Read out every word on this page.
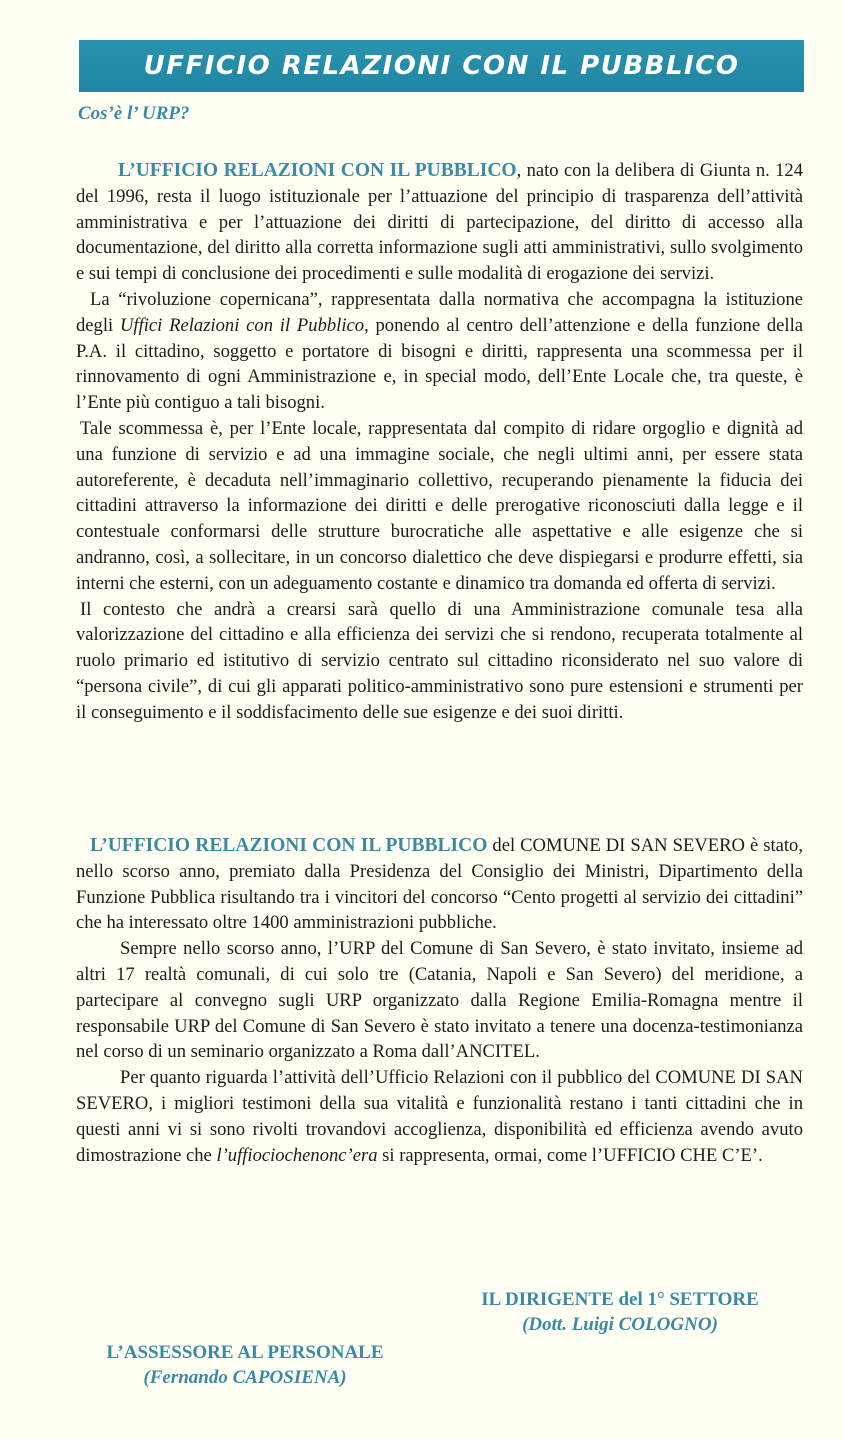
UFFICIO RELAZIONI CON IL PUBBLICO
Cos’è l’ URP?

L’UFFICIO RELAZIONI CON IL PUBBLICO, nato con la delibera di Giunta n. 124 del 1996, resta il luogo istituzionale per l’attuazione del principio di trasparenza dell’attività amministrativa e per l’attuazione dei diritti di partecipazione, del diritto di accesso alla documentazione, del diritto alla corretta informazione sugli atti amministrativi, sullo svolgimento e sui tempi di conclusione dei procedimenti e sulle modalità di erogazione dei servizi.

La “rivoluzione copernicana”, rappresentata dalla normativa che accompagna la istituzione degli Uffici Relazioni con il Pubblico, ponendo al centro dell’attenzione e della funzione della P.A. il cittadino, soggetto e portatore di bisogni e diritti, rappresenta una scommessa per il rinnovamento di ogni Amministrazione e, in special modo, dell’Ente Locale che, tra queste, è l’Ente più contiguo a tali bisogni.

Tale scommessa è, per l’Ente locale, rappresentata dal compito di ridare orgoglio e dignità ad una funzione di servizio e ad una immagine sociale, che negli ultimi anni, per essere stata autoreferente, è decaduta nell’immaginario collettivo, recuperando pienamente la fiducia dei cittadini attraverso la informazione dei diritti e delle prerogative riconosciuti dalla legge e il contestuale conformarsi delle strutture burocratiche alle aspettative e alle esigenze che si andranno, così, a sollecitare, in un concorso dialettico che deve dispiegarsi e produrre effetti, sia interni che esterni, con un adeguamento costante e dinamico tra domanda ed offerta di servizi.

Il contesto che andrà a crearsi sarà quello di una Amministrazione comunale tesa alla valorizzazione del cittadino e alla efficienza dei servizi che si rendono, recuperata totalmente al ruolo primario ed istitutivo di servizio centrato sul cittadino riconsiderato nel suo valore di “persona civile”, di cui gli apparati politico-amministrativo sono pure estensioni e strumenti per il conseguimento e il soddisfacimento delle sue esigenze e dei suoi diritti.

L’UFFICIO RELAZIONI CON IL PUBBLICO del COMUNE DI SAN SEVERO è stato, nello scorso anno, premiato dalla Presidenza del Consiglio dei Ministri, Dipartimento della Funzione Pubblica risultando tra i vincitori del concorso “Cento progetti al servizio dei cittadini” che ha interessato oltre 1400 amministrazioni pubbliche.

Sempre nello scorso anno, l’URP del Comune di San Severo, è stato invitato, insieme ad altri 17 realtà comunali, di cui solo tre (Catania, Napoli e San Severo) del meridione, a partecipare al convegno sugli URP organizzato dalla Regione Emilia-Romagna mentre il responsabile URP del Comune di San Severo è stato invitato a tenere una docenza-testimonianza nel corso di un seminario organizzato a Roma dall’ANCITEL.

Per quanto riguarda l’attività dell’Ufficio Relazioni con il pubblico del COMUNE DI SAN SEVERO, i migliori testimoni della sua vitalità e funzionalità restano i tanti cittadini che in questi anni vi si sono rivolti trovandovi accoglienza, disponibilità ed efficienza avendo avuto dimostrazione che l’uffiociochenonc’era si rappresenta, ormai, come l’UFFICIO CHE C’E’.

IL DIRIGENTE del 1° SETTORE
(Dott. Luigi COLOGNO)
L’ASSESSORE AL PERSONALE
(Fernando CAPOSIENA)
